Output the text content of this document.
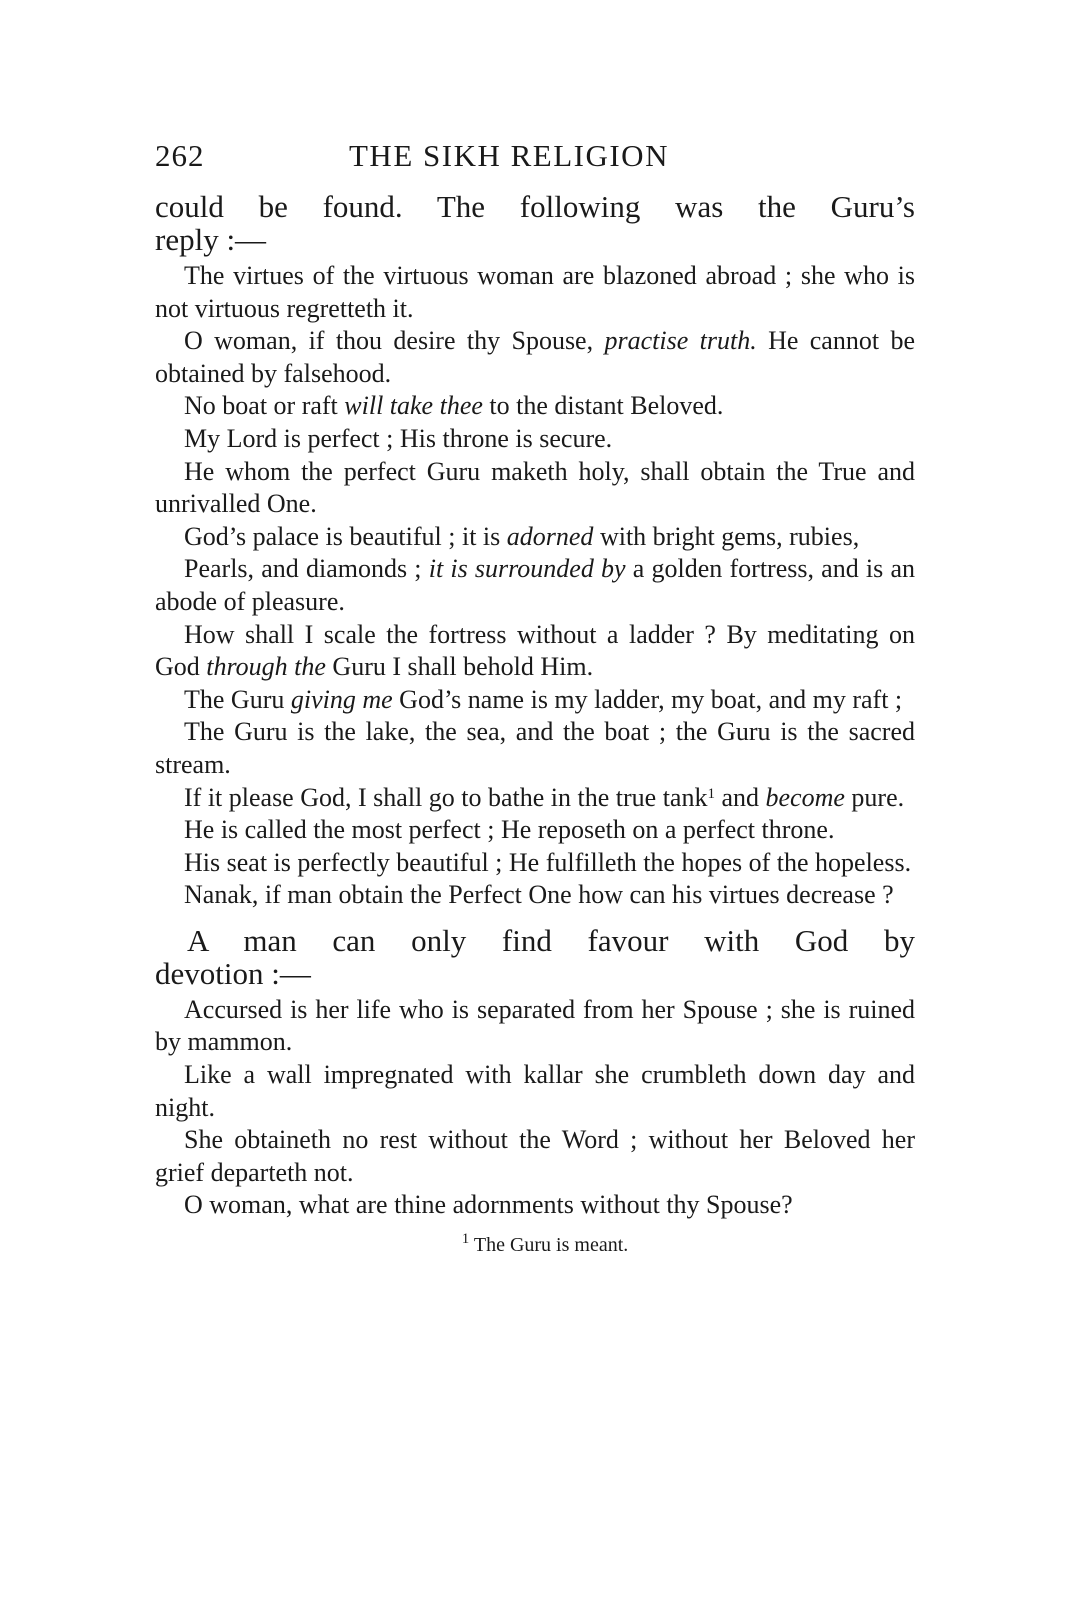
262	THE SIKH RELIGION

could be found. The following was the Guru’s
reply :—

The virtues of the virtuous woman are blazoned abroad ; she who is not virtuous regretteth it.
O woman, if thou desire thy Spouse, practise truth. He cannot be obtained by falsehood.
No boat or raft will take thee to the distant Beloved.
My Lord is perfect ; His throne is secure.
He whom the perfect Guru maketh holy, shall obtain the True and unrivalled One.
God’s palace is beautiful ; it is adorned with bright gems, rubies,
Pearls, and diamonds ; it is surrounded by a golden fortress, and is an abode of pleasure.
How shall I scale the fortress without a ladder ? By meditating on God through the Guru I shall behold Him.
The Guru giving me God’s name is my ladder, my boat, and my raft ;
The Guru is the lake, the sea, and the boat ; the Guru is the sacred stream.
If it please God, I shall go to bathe in the true tank$^1$ and become pure.
He is called the most perfect ; He reposeth on a perfect throne.
His seat is perfectly beautiful ; He fulfilleth the hopes of the hopeless.
Nanak, if man obtain the Perfect One how can his virtues decrease ?

A man can only find favour with God by
devotion :—

Accursed is her life who is separated from her Spouse ; she is ruined by mammon.
Like a wall impregnated with kallar she crumbleth down day and night.
She obtaineth no rest without the Word ; without her Beloved her grief departeth not.
O woman, what are thine adornments without thy Spouse?
$^1$ The Guru is meant.
